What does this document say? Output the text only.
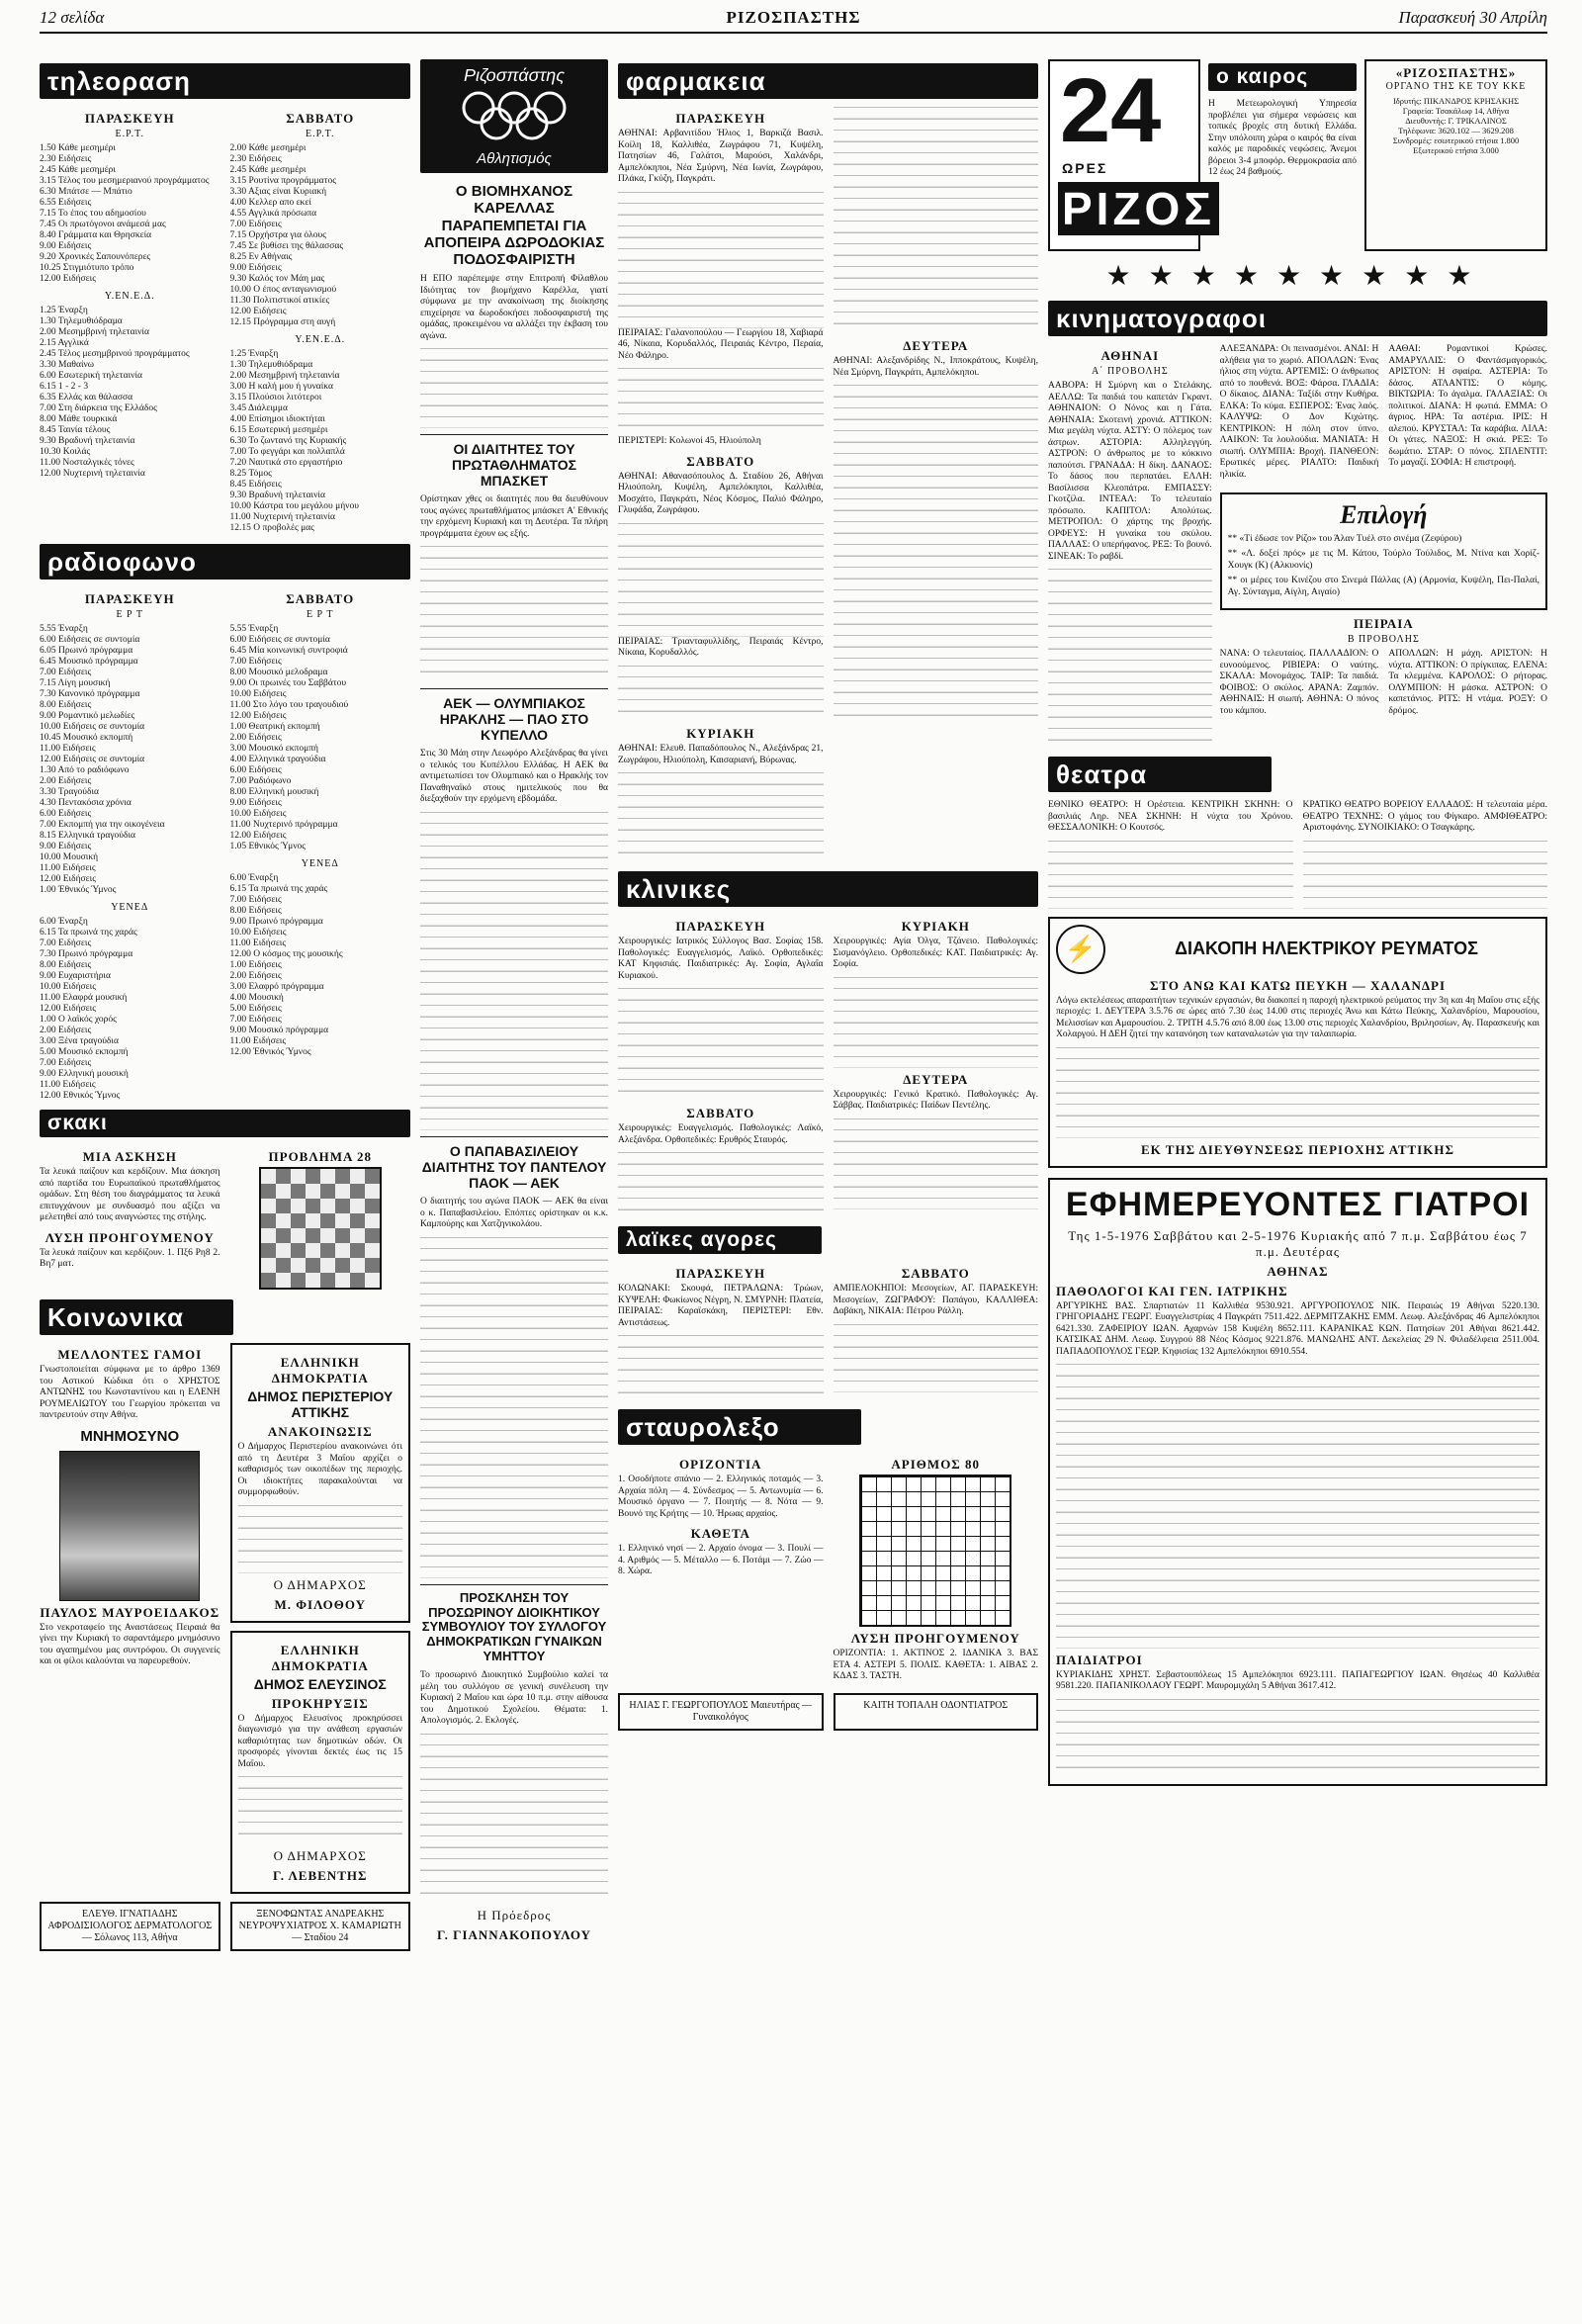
12 σελίδα	ΡΙΖΟΣΠΑΣΤΗΣ	Παρασκευή 30 Απρίλη
τηλεοραση
ΠΑΡΑΣΚΕΥΗ
Ε.Ρ.Τ.
1.50 Κάθε μεσημέρι
2.30 Ειδήσεις
2.45 Κάθε μεσημέρι
3.15 Τέλος του μεσημεριανού προγράμματος
6.30 Μπάτσε — Μπάτιο
6.55 Ειδήσεις
7.15 Το έπος του αδημοσίου
7.45 Οι πρωτόγονοι ανάμεσά μας
8.40 Γράμματα και Θρησκεία
9.00 Ειδήσεις
9.20 Χρονικές Σαπουνόπερες
10.25 Στιγμιότυπο τρόπο
12.00 Ειδήσεις
Υ.ΕΝ.Ε.Δ.
1.25 Έναρξη
1.30 Τηλεμυθιόδραμα
2.00 Μεσημβρινή τηλεταινία
2.15 Αγγλικά
2.45 Τέλος μεσημβρινού προγράμματος
3.30 Μαθαίνω
6.00 Εσωτερική τηλεταινία
6.15 1 - 2 - 3
6.35 Ελλάς και θάλασσα
7.00 Στη διάρκεια της Ελλάδος
8.00 Μάθε τουρκικά
8.45 Ταινία τέλους
9.30 Βραδυνή τηλεταινία
10.30 Κοιλάς
11.00 Νοσταλγικές τόνες
12.00 Νυχτερινή τηλεταινία
ΣΑΒΒΑΤΟ
Ε.Ρ.Τ.
2.00 Κάθε μεσημέρι
2.30 Ειδήσεις
2.45 Κάθε μεσημέρι
3.15 Ρουτίνα προγράμματος
3.30 Αξιας είναι Κυριακή
4.00 Κελλερ απο εκεί
4.55 Αγγλικά πρόσωπα
7.00 Ειδήσεις
7.15 Ορχήστρα για όλους
7.45 Σε βυθίσει της θάλασσας
8.25 Εν Αθήναις
9.00 Ειδήσεις
9.30 Καλός τον Μάη μας
10.00 Ο έπος ανταγωνισμού
11.30 Πολιτιστικοί ατικίες
12.00 Ειδήσεις
12.15 Πρόγραμμα στη αυγή
Υ.ΕΝ.Ε.Δ.
1.25 Έναρξη
1.30 Τηλεμυθιόδραμα
2.00 Μεσημβρινή τηλεταινία
3.00 Η καλή μου ή γυναίκα
3.15 Πλούσιοι λιτότεροι
3.45 Διάλειμμα
4.00 Επίσημοι ιδιοκτήται
6.15 Εσωτερική μεσημέρι
6.30 Το ζωντανό της Κυριακής
7.00 Το φεγγάρι και πολλαπλά
7.20 Ναυτικά στο εργαστήριο
8.25 Τόμος
8.45 Ειδήσεις
9.30 Βραδυνή τηλεταινία
10.00 Κάστρα του μεγάλου μήνου
11.00 Νυχτερινή τηλεταινία
12.15 Ο προβολές μας
ραδιοφωνο
ΠΑΡΑΣΚΕΥΗ
Ε Ρ Τ
5.55 Έναρξη
6.00 Ειδήσεις σε συντομία
6.05 Πρωινό πρόγραμμα
6.45 Μουσικό πρόγραμμα
7.00 Ειδήσεις
7.15 Λίγη μουσική
7.30 Κανονικό πρόγραμμα
8.00 Ειδήσεις
9.00 Ρομαντικό μελωδίες
10.00 Ειδήσεις σε συντομία
10.45 Μουσικό εκπομπή
11.00 Ειδήσεις
12.00 Ειδήσεις σε συντομία
1.30 Από το ραδιόφωνο
2.00 Ειδήσεις
3.30 Τραγούδια
4.30 Πεντακόσια χρόνια
6.00 Ειδήσεις
7.00 Εκπομπή για την οικογένεια
8.15 Ελληνικά τραγούδια
9.00 Ειδήσεις
10.00 Μουσική
11.00 Ειδήσεις
12.00 Ειδήσεις
1.00 Έθνικός Ύμνος
ΥΕΝΕΔ
6.00 Έναρξη
6.15 Τα πρωινά της χαράς
7.00 Ειδήσεις
7.30 Πρωινό πρόγραμμα
8.00 Ειδήσεις
9.00 Ευχαριστήρια
10.00 Ειδήσεις
11.00 Ελαφρά μουσική
12.00 Ειδήσεις
1.00 Ο λαϊκός χορός
2.00 Ειδήσεις
3.00 Ξένα τραγούδια
5.00 Μουσικό εκπομπή
7.00 Ειδήσεις
9.00 Ελληνική μουσική
11.00 Ειδήσεις
12.00 Εθνικός Ύμνος
ΣΑΒΒΑΤΟ
Ε Ρ Τ
5.55 Έναρξη
6.00 Ειδήσεις σε συντομία
6.45 Μία κοινωνική συντροφιά
7.00 Ειδήσεις
8.00 Μουσικό μελοδραμα
9.00 Οι πρωινές του Σαββάτου
10.00 Ειδήσεις
11.00 Στο λόγο του τραγουδιού
12.00 Ειδήσεις
1.00 Θεατρική εκπομπή
2.00 Ειδήσεις
3.00 Μουσικό εκπομπή
4.00 Ελληνικά τραγούδια
6.00 Ειδήσεις
7.00 Ραδιόφωνο
8.00 Ελληνική μουσική
9.00 Ειδήσεις
10.00 Ειδήσεις
11.00 Νυχτερινό πρόγραμμα
12.00 Ειδήσεις
1.05 Εθνικός Ύμνος
ΥΕΝΕΔ
6.00 Έναρξη
6.15 Τα πρωινά της χαράς
7.00 Ειδήσεις
8.00 Ειδήσεις
9.00 Πρωινό πρόγραμμα
10.00 Ειδήσεις
11.00 Ειδήσεις
12.00 Ο κόσμος της μουσικής
1.00 Ειδήσεις
2.00 Ειδήσεις
3.00 Ελαφρό πρόγραμμα
4.00 Μουσική
5.00 Ειδήσεις
7.00 Ειδήσεις
9.00 Μουσικό πρόγραμμα
11.00 Ειδήσεις
12.00 Έθνικός Ύμνος
σκακι
ΜΙΑ ΑΣΚΗΣΗ
Τα λευκά παίζουν και κερδίζουν. Μια άσκηση από παρτίδα του Ευρωπαϊκού πρωταθλήματος ομάδων. Στη θέση του διαγράμματος τα λευκά επιτυγχάνουν με συνδυασμό που αξίζει να μελετηθεί από τους αναγνώστες της στήλης.
ΛΥΣΗ ΠΡΟΗΓΟΥΜΕΝΟΥ
Τα λευκά παίζουν και κερδίζουν. 1. Πξ6 Ρη8 2. Βη7 ματ.
ΠΡΟΒΛΗΜΑ 28
Κοινωνικα
ΜΕΛΛΟΝΤΕΣ ΓΑΜΟΙ
Γνωστοποιείται σύμφωνα με το άρθρο 1369 του Αστικού Κώδικα ότι ο ΧΡΗΣΤΟΣ ΑΝΤΩΝΗΣ του Κωνσταντίνου και η ΕΛΕΝΗ ΡΟΥΜΕΛΙΩΤΟΥ του Γεωργίου πρόκειται να παντρευτούν στην Αθήνα.
ΜΝΗΜΟΣΥΝΟ
ΠΑΥΛΟΣ ΜΑΥΡΟΕΙΔΑΚΟΣ
Στο νεκροταφείο της Αναστάσεως Πειραιά θα γίνει την Κυριακή το σαραντάμερο μνημόσυνο του αγαπημένου μας συντρόφου. Οι συγγενείς και οι φίλοι καλούνται να παρευρεθούν.
ΕΛΛΗΝΙΚΗ ΔΗΜΟΚΡΑΤΙΑ
ΔΗΜΟΣ ΠΕΡΙΣΤΕΡΙΟΥ ΑΤΤΙΚΗΣ
ΑΝΑΚΟΙΝΩΣΙΣ
Ο Δήμαρχος Περιστερίου ανακοινώνει ότι από τη Δευτέρα 3 Μαΐου αρχίζει ο καθαρισμός των οικοπέδων της περιοχής. Οι ιδιοκτήτες παρακαλούνται να συμμορφωθούν.
Ο ΔΗΜΑΡΧΟΣ
Μ. ΦΙΛΟΘΟΥ
ΕΛΛΗΝΙΚΗ ΔΗΜΟΚΡΑΤΙΑ
ΔΗΜΟΣ ΕΛΕΥΣΙΝΟΣ
ΠΡΟΚΗΡΥΞΙΣ
Ο Δήμαρχος Ελευσίνος προκηρύσσει διαγωνισμό για την ανάθεση εργασιών καθαριότητας των δημοτικών οδών. Οι προσφορές γίνονται δεκτές έως τις 15 Μαΐου.
Ο ΔΗΜΑΡΧΟΣ
Γ. ΛΕΒΕΝΤΗΣ
ΕΛΕΥΘ. ΙΓΝΑΤΙΑΔΗΣ ΑΦΡΟΔΙΣΙΟΛΟΓΟΣ ΔΕΡΜΑΤΟΛΟΓΟΣ — Σόλωνος 113, Αθήνα
ΞΕΝΟΦΩΝΤΑΣ ΑΝΔΡΕΑΚΗΣ ΝΕΥΡΟΨΥΧΙΑΤΡΟΣ Χ. ΚΑΜΑΡΙΩΤΗ — Σταδίου 24
Ριζοσπάστης
Αθλητισμός
Ο ΒΙΟΜΗΧΑΝΟΣ ΚΑΡΕΛΛΑΣ ΠΑΡΑΠΕΜΠΕΤΑΙ ΓΙΑ ΑΠΟΠΕΙΡΑ ΔΩΡΟΔΟΚΙΑΣ ΠΟΔΟΣΦΑΙΡΙΣΤΗ
Η ΕΠΟ παρέπεμψε στην Επιτροπή Φίλαθλου Ιδιότητας τον βιομήχανο Καρέλλα, γιατί σύμφωνα με την ανακοίνωση της διοίκησης επιχείρησε να δωροδοκήσει ποδοσφαιριστή της ομάδας, προκειμένου να αλλάξει την έκβαση του αγώνα.
ΟΙ ΔΙΑΙΤΗΤΕΣ ΤΟΥ ΠΡΩΤΑΘΛΗΜΑΤΟΣ ΜΠΑΣΚΕΤ
Ορίστηκαν χθες οι διαιτητές που θα διευθύνουν τους αγώνες πρωταθλήματος μπάσκετ Α' Εθνικής την ερχόμενη Κυριακή και τη Δευτέρα. Τα πλήρη προγράμματα έχουν ως εξής.
ΑΕΚ — ΟΛΥΜΠΙΑΚΟΣ ΗΡΑΚΛΗΣ — ΠΑΟ ΣΤΟ ΚΥΠΕΛΛΟ
Στις 30 Μάη στην Λεωφόρο Αλεξάνδρας θα γίνει ο τελικός του Κυπέλλου Ελλάδας. Η ΑΕΚ θα αντιμετωπίσει τον Ολυμπιακό και ο Ηρακλής τον Παναθηναϊκό στους ημιτελικούς που θα διεξαχθούν την ερχόμενη εβδομάδα.
Ο ΠΑΠΑΒΑΣΙΛΕΙΟΥ ΔΙΑΙΤΗΤΗΣ ΤΟΥ ΠΑΝΤΕΛΟΥ ΠΑΟΚ — ΑΕΚ
Ο διαιτητής του αγώνα ΠΑΟΚ — ΑΕΚ θα είναι ο κ. Παπαβασιλείου. Επόπτες ορίστηκαν οι κ.κ. Καμπούρης και Χατζηνικολάου.
ΠΡΟΣΚΛΗΣΗ ΤΟΥ ΠΡΟΣΩΡΙΝΟΥ ΔΙΟΙΚΗΤΙΚΟΥ ΣΥΜΒΟΥΛΙΟΥ ΤΟΥ ΣΥΛΛΟΓΟΥ ΔΗΜΟΚΡΑΤΙΚΩΝ ΓΥΝΑΙΚΩΝ ΥΜΗΤΤΟΥ
Το προσωρινό Διοικητικό Συμβούλιο καλεί τα μέλη του συλλόγου σε γενική συνέλευση την Κυριακή 2 Μαΐου και ώρα 10 π.μ. στην αίθουσα του Δημοτικού Σχολείου. Θέματα: 1. Απολογισμός. 2. Εκλογές.
Η Πρόεδρος
Γ. ΓΙΑΝΝΑΚΟΠΟΥΛΟΥ
φαρμακεια
ΠΑΡΑΣΚΕΥΗ
ΑΘΗΝΑΙ: Αρβανιτίδου Ήλιος 1, Βαρκιζά Βασιλ. Κοίλη 18, Καλλιθέα, Ζωγράφου 71, Κυψέλη, Πατησίων 46, Γαλάτσι, Μαρούσι, Χαλάνδρι, Αμπελόκηποι, Νέα Σμύρνη, Νέα Ιωνία, Ζωγράφου, Πλάκα, Γκύζη, Παγκράτι.
ΠΕΙΡΑΙΑΣ: Γαλανοπούλου — Γεωργίου 18, Χαβιαρά 46, Νίκαια, Κορυδαλλός, Πειραιάς Κέντρο, Περαία, Νέο Φάληρο.
ΠΕΡΙΣΤΕΡΙ: Κολωνοί 45, Ηλιούπολη
ΣΑΒΒΑΤΟ
ΑΘΗΝΑΙ: Αθανασόπουλος Δ. Σταδίου 26, Αθήναι Ηλιούπολη, Κυψέλη, Αμπελόκηποι, Καλλιθέα, Μοσχάτο, Παγκράτι, Νέος Κόσμος, Παλιό Φάληρο, Γλυφάδα, Ζωγράφου.
ΠΕΙΡΑΙΑΣ: Τριανταφυλλίδης, Πειραιάς Κέντρο, Νίκαια, Κορυδαλλός.
ΚΥΡΙΑΚΗ
ΑΘΗΝΑΙ: Ελευθ. Παπαδόπουλος Ν., Αλεξάνδρας 21, Ζωγράφου, Ηλιούπολη, Καισαριανή, Βύρωνας.
ΔΕΥΤΕΡΑ
ΑΘΗΝΑΙ: Αλεξανδρίδης Ν., Ιπποκράτους, Κυψέλη, Νέα Σμύρνη, Παγκράτι, Αμπελόκηποι.
κλινικες
ΠΑΡΑΣΚΕΥΗ
Χειρουργικές: Ιατρικός Σύλλογος Βασ. Σοφίας 158. Παθολογικές: Ευαγγελισμός, Λαϊκό. Ορθοπεδικές: ΚΑΤ Κηφισιάς. Παιδιατρικές: Αγ. Σοφία, Αγλαΐα Κυριακού.
ΣΑΒΒΑΤΟ
Χειρουργικές: Ευαγγελισμός. Παθολογικές: Λαϊκό, Αλεξάνδρα. Ορθοπεδικές: Ερυθρός Σταυρός.
ΚΥΡΙΑΚΗ
Χειρουργικές: Αγία Όλγα, Τζάνειο. Παθολογικές: Σισμανόγλειο. Ορθοπεδικές: ΚΑΤ. Παιδιατρικές: Αγ. Σοφία.
ΔΕΥΤΕΡΑ
Χειρουργικές: Γενικό Κρατικό. Παθολογικές: Αγ. Σάββας. Παιδιατρικές: Παίδων Πεντέλης.
λαϊκες αγορες
ΠΑΡΑΣΚΕΥΗ
ΚΟΛΩΝΑΚΙ: Σκουφά, ΠΕΤΡΑΛΩΝΑ: Τρώων, ΚΥΨΕΛΗ: Φωκίωνος Νέγρη, Ν. ΣΜΥΡΝΗ: Πλατεία, ΠΕΙΡΑΙΑΣ: Καραϊσκάκη, ΠΕΡΙΣΤΕΡΙ: Εθν. Αντιστάσεως.
ΣΑΒΒΑΤΟ
ΑΜΠΕΛΟΚΗΠΟΙ: Μεσογείων, ΑΓ. ΠΑΡΑΣΚΕΥΗ: Μεσογείων, ΖΩΓΡΑΦΟΥ: Παπάγου, ΚΑΛΛΙΘΕΑ: Δαβάκη, ΝΙΚΑΙΑ: Πέτρου Ράλλη.
σταυρολεξο
ΟΡΙΖΟΝΤΙΑ
1. Οσοδήποτε σπάνιο — 2. Ελληνικός ποταμός — 3. Αρχαία πόλη — 4. Σύνδεσμος — 5. Αντωνυμία — 6. Μουσικό όργανο — 7. Ποιητής — 8. Νότα — 9. Βουνό της Κρήτης — 10. Ήρωας αρχαίος.
ΚΑΘΕΤΑ
1. Ελληνικό νησί — 2. Αρχαίο όνομα — 3. Πουλί — 4. Αριθμός — 5. Μέταλλο — 6. Ποτάμι — 7. Ζώο — 8. Χώρα.
ΑΡΙΘΜΟΣ 80
ΛΥΣΗ ΠΡΟΗΓΟΥΜΕΝΟΥ
ΟΡΙΖΟΝΤΙΑ: 1. ΑΚΤΙΝΟΣ 2. ΙΔΑΝΙΚΑ 3. ΒΑΣ ΕΤΑ 4. ΑΣΤΕΡΙ 5. ΠΟΛΙΣ. ΚΑΘΕΤΑ: 1. ΑΙΒΑΣ 2. ΚΔΑΣ 3. ΤΑΣΤΗ.
ΗΛΙΑΣ Γ. ΓΕΩΡΓΟΠΟΥΛΟΣ Μαιευτήρας — Γυναικολόγος
ΚΑΙΤΗ ΤΟΠΑΛΗ ΟΔΟΝΤΙΑΤΡΟΣ
24
ΩΡΕΣ
ΡΙΖΟΣ
ο καιρος
Η Μετεωρολογική Υπηρεσία προβλέπει για σήμερα νεφώσεις και τοπικές βροχές στη δυτική Ελλάδα. Στην υπόλοιπη χώρα ο καιρός θα είναι καλός με παροδικές νεφώσεις. Άνεμοι βόρειοι 3-4 μποφόρ. Θερμοκρασία από 12 έως 24 βαθμούς.
«ΡΙΖΟΣΠΑΣΤΗΣ»
ΟΡΓΑΝΟ ΤΗΣ ΚΕ ΤΟΥ ΚΚΕ
Ιδρυτής: ΠΙΚΑΝΔΡΟΣ ΚΡΗΣΑΚΗΣ
Γραφεία: Τσακάλωφ 14, Αθήνα
Διευθυντής: Γ. ΤΡΙΚΑΛΙΝΟΣ
Τηλέφωνα: 3620.102 — 3629.208
Συνδρομές: εσωτερικού ετήσια 1.800
Εξωτερικού ετήσια 3.000
★★★★★★★★★
κινηματογραφοι
ΑΘΗΝΑΙ
Α΄ ΠΡΟΒΟΛΗΣ
ΑΑΒΟΡΑ: Η Σμύρνη και ο Στελάκης. ΑΕΛΛΩ: Τα παιδιά του καπετάν Γκραντ. ΑΘΗΝΑΙΟΝ: Ο Νόνος και η Γάτα. ΑΘΗΝΑΙΑ: Σκοτεινή χρονιά. ΑΤΤΙΚΟΝ: Μια μεγάλη νύχτα. ΑΣΤΥ: Ο πόλεμος των άστρων. ΑΣΤΟΡΙΑ: Αλληλεγγύη. ΑΣΤΡΟΝ: Ο άνθρωπος με το κόκκινο παπούτσι. ΓΡΑΝΑΔΑ: Η δίκη. ΔΑΝΑΟΣ: Το δάσος που περπατάει. ΕΛΛΗ: Βασίλισσα Κλεοπάτρα. ΕΜΠΑΣΣΥ: Γκοτζίλα. ΙΝΤΕΑΛ: Το τελευταίο πρόσωπο. ΚΑΠΙΤΟΛ: Απολύτως. ΜΕΤΡΟΠΟΛ: Ο χάρτης της βροχής. ΟΡΦΕΥΣ: Η γυναίκα του σκύλου. ΠΑΛΛΑΣ: Ο υπερήφανος. ΡΕΞ: Το βουνό. ΣΙΝΕΑΚ: Το ραβδί.
ΑΛΕΞΑΝΔΡΑ: Οι πεινασμένοι. ΑΝΔΙ: Η αλήθεια για το χωριό. ΑΠΟΛΛΩΝ: Ένας ήλιος στη νύχτα. ΑΡΤΕΜΙΣ: Ο άνθρωπος από το πουθενά. ΒΟΞ: Φάρσα. ΓΛΑΔΙΑ: Ο δίκαιος. ΔΙΑΝΑ: Ταξίδι στην Κυθήρα. ΕΛΚΑ: Το κύμα. ΕΣΠΕΡΟΣ: Ένας λαός. ΚΑΛΥΨΩ: Ο Δον Κιχώτης. ΚΕΝΤΡΙΚΟΝ: Η πόλη στον ύπνο. ΛΑΙΚΟΝ: Τα λουλούδια. ΜΑΝΙΑΤΑ: Η σιωπή. ΟΛΥΜΠΙΑ: Βροχή. ΠΑΝΘΕΟΝ: Ερωτικές μέρες. ΡΙΑΛΤΟ: Παιδική ηλικία.
ΑΑΘΑΙ: Ρομαντικοί Κρώσες. ΑΜΑΡΥΛΛΙΣ: Ο Φαντάσμαγορικός. ΑΡΙΣΤΟΝ: Η σφαίρα. ΑΣΤΕΡΙΑ: Το δάσος. ΑΤΛΑΝΤΙΣ: Ο κόμης. ΒΙΚΤΩΡΙΑ: Το άγαλμα. ΓΑΛΑΞΙΑΣ: Οι πολιτικοί. ΔΙΑΝΑ: Η φωτιά. ΕΜΜΑ: Ο άγριος. ΗΡΑ: Τα αστέρια. ΙΡΙΣ: Η αλεπού. ΚΡΥΣΤΑΛ: Τα καράβια. ΛΙΛΑ: Οι γάτες. ΝΑΞΟΣ: Η σκιά. ΡΕΞ: Το δωμάτιο. ΣΤΑΡ: Ο πόνος. ΣΠΛΕΝΤΙΤ: Το μαγαζί. ΣΟΦΙΑ: Η επιστροφή.
Επιλογή
** «Τί έδωσε τον Ρίζο» του Άλαν Τυέλ στο σινέμα (Ζεφύρου)
** «Λ. δοξεί πρός» με τις Μ. Κάτου, Τούρλο Τούλιδος, Μ. Ντίνα και Χορίζ-Χουγκ (Κ) (Αλκυονίς)
** οι μέρες του Κινέζου στο Σινεμά Πάλλας (Α) (Αρμονία, Κυψέλη, Πει-Παλαί, Αγ. Σύνταγμα, Αίγλη, Αιγαίο)
ΠΕΙΡΑΙΑ
Β ΠΡΟΒΟΛΗΣ
ΝΑΝΑ: Ο τελευταίος. ΠΑΛΛΑΔΙΟΝ: Ο ευνοούμενος. ΡΙΒΙΕΡΑ: Ο ναύτης. ΣΚΑΛΑ: Μονομάχος. ΤΑΙΡ: Τα παιδιά. ΦΟΙΒΟΣ: Ο σκύλος. ΑΡΑΝΑ: Ζαμπόν. ΑΘΗΝΑΙΣ: Η σιωπή. ΑΘΗΝΑ: Ο πόνος του κάμπου.
ΑΠΟΛΛΩΝ: Η μάχη. ΑΡΙΣΤΟΝ: Η νύχτα. ΑΤΤΙΚΟΝ: Ο πρίγκιπας. ΕΛΕΝΑ: Τα κλεμμένα. ΚΑΡΟΛΟΣ: Ο ρήτορας. ΟΛΥΜΠΙΟΝ: Η μάσκα. ΑΣΤΡΟΝ: Ο καπετάνιος. ΡΙΤΣ: Η ντάμα. ΡΟΞΥ: Ο δρόμος.
θεατρα
ΕΘΝΙΚΟ ΘΕΑΤΡΟ: Η Ορέστεια. ΚΕΝΤΡΙΚΗ ΣΚΗΝΗ: Ο βασιλιάς Ληρ. ΝΕΑ ΣΚΗΝΗ: Η νύχτα του Χρόνου. ΘΕΣΣΑΛΟΝΙΚΗ: Ο Κουτσός.
ΚΡΑΤΙΚΟ ΘΕΑΤΡΟ ΒΟΡΕΙΟΥ ΕΛΛΑΔΟΣ: Η τελευταία μέρα. ΘΕΑΤΡΟ ΤΕΧΝΗΣ: Ο γάμος του Φίγκαρο. ΑΜΦΙΘΕΑΤΡΟ: Αριστοφάνης. ΣΥΝΟΙΚΙΑΚΟ: Ο Τσαγκάρης.
⚡	ΔΙΑΚΟΠΗ ΗΛΕΚΤΡΙΚΟΥ ΡΕΥΜΑΤΟΣ
ΣΤΟ ΑΝΩ ΚΑΙ ΚΑΤΩ ΠΕΥΚΗ — ΧΑΛΑΝΔΡΙ
Λόγω εκτελέσεως απαραιτήτων τεχνικών εργασιών, θα διακοπεί η παροχή ηλεκτρικού ρεύματος την 3η και 4η Μαΐου στις εξής περιοχές: 1. ΔΕΥΤΕΡΑ 3.5.76 σε ώρες από 7.30 έως 14.00 στις περιοχές Άνω και Κάτω Πεύκης, Χαλανδρίου, Μαρουσίου, Μελισσίων και Αμαρουσίου. 2. ΤΡΙΤΗ 4.5.76 από 8.00 έως 13.00 στις περιοχές Χαλανδρίου, Βριλησσίων, Αγ. Παρασκευής και Χολαργού. Η ΔΕΗ ζητεί την κατανόηση των καταναλωτών για την ταλαιπωρία.
ΕΚ ΤΗΣ ΔΙΕΥΘΥΝΣΕΩΣ ΠΕΡΙΟΧΗΣ ΑΤΤΙΚΗΣ
ΕΦΗΜΕΡΕΥΟΝΤΕΣ ΓΙΑΤΡΟΙ
Της 1-5-1976 Σαββάτου και 2-5-1976 Κυριακής από 7 π.μ. Σαββάτου έως 7 π.μ. Δευτέρας
ΑΘΗΝΑΣ
ΠΑΘΟΛΟΓΟΙ ΚΑΙ ΓΕΝ. ΙΑΤΡΙΚΗΣ
ΑΡΓΥΡΙΚΗΣ ΒΑΣ. Σπαρτιατών 11 Καλλιθέα 9530.921. ΑΡΓΥΡΟΠΟΥΛΟΣ ΝΙΚ. Πειραιώς 19 Αθήναι 5220.130. ΓΡΗΓΟΡΙΑΔΗΣ ΓΕΩΡΓ. Ευαγγελιστρίας 4 Παγκράτι 7511.422. ΔΕΡΜΙΤΖΑΚΗΣ ΕΜΜ. Λεωφ. Αλεξάνδρας 46 Αμπελόκηποι 6421.330. ΖΑΦΕΙΡΙΟΥ ΙΩΑΝ. Αχαρνών 158 Κυψέλη 8652.111. ΚΑΡΑΝΙΚΑΣ ΚΩΝ. Πατησίων 201 Αθήναι 8621.442. ΚΑΤΣΙΚΑΣ ΔΗΜ. Λεωφ. Συγγρού 88 Νέος Κόσμος 9221.876. ΜΑΝΩΛΗΣ ΑΝΤ. Δεκελείας 29 Ν. Φιλαδέλφεια 2511.004. ΠΑΠΑΔΟΠΟΥΛΟΣ ΓΕΩΡ. Κηφισίας 132 Αμπελόκηποι 6910.554.
ΠΑΙΔΙΑΤΡΟΙ
ΚΥΡΙΑΚΙΔΗΣ ΧΡΗΣΤ. Σεβαστουπόλεως 15 Αμπελόκηποι 6923.111. ΠΑΠΑΓΕΩΡΓΙΟΥ ΙΩΑΝ. Θησέως 40 Καλλιθέα 9581.220. ΠΑΠΑΝΙΚΟΛΑΟΥ ΓΕΩΡΓ. Μαυρομιχάλη 5 Αθήναι 3617.412.
